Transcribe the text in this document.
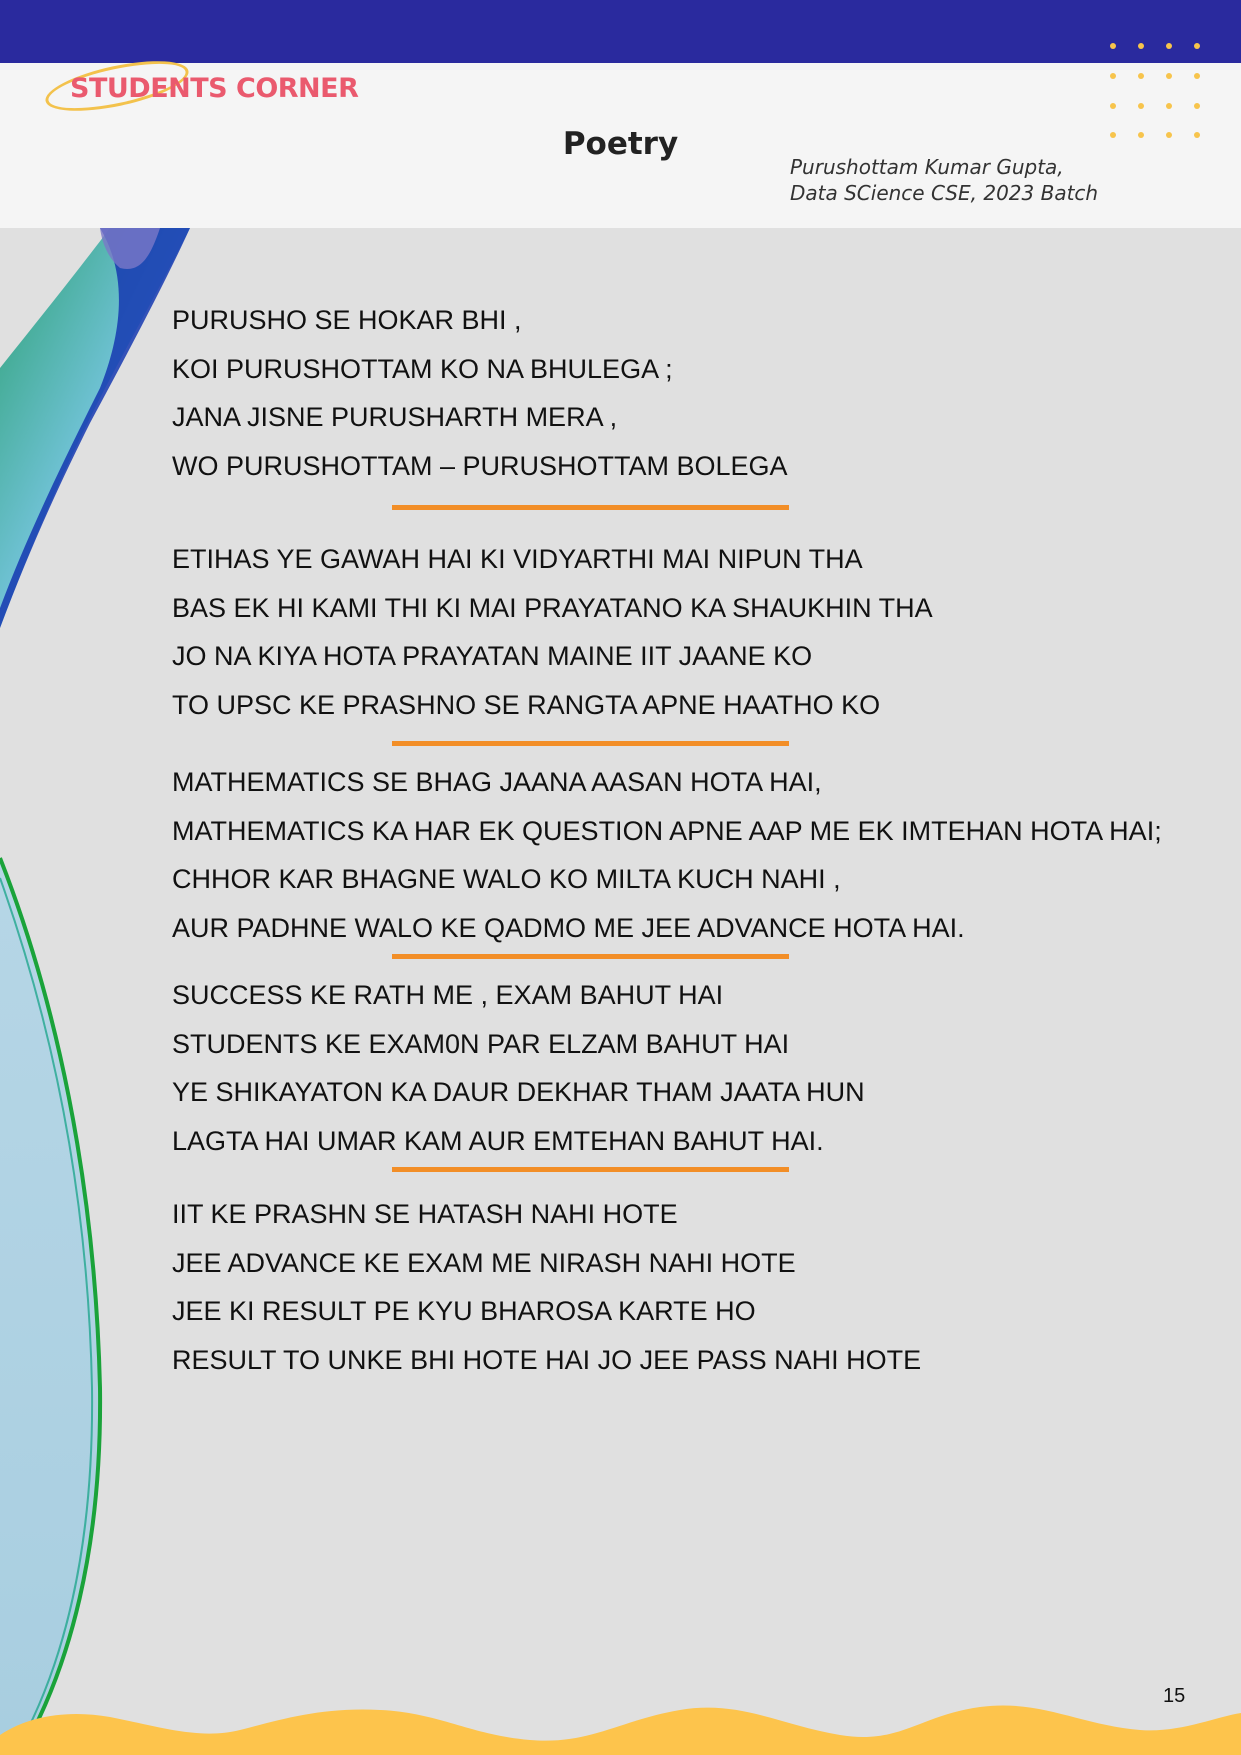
STUDENTS CORNER
Poetry
Purushottam Kumar Gupta,
Data SCience CSE, 2023 Batch
PURUSHO SE HOKAR BHI ,
KOI PURUSHOTTAM KO NA BHULEGA ;
JANA JISNE PURUSHARTH MERA ,
WO PURUSHOTTAM – PURUSHOTTAM BOLEGA
ETIHAS YE GAWAH HAI KI VIDYARTHI MAI NIPUN THA
BAS EK HI KAMI THI KI MAI PRAYATANO KA SHAUKHIN THA
JO NA KIYA HOTA PRAYATAN MAINE IIT JAANE KO
TO UPSC KE PRASHNO SE RANGTA APNE HAATHO KO
MATHEMATICS SE BHAG JAANA AASAN HOTA HAI,
MATHEMATICS KA HAR EK QUESTION APNE AAP ME EK IMTEHAN HOTA HAI;
CHHOR KAR BHAGNE WALO KO MILTA KUCH NAHI ,
AUR PADHNE WALO KE QADMO ME JEE ADVANCE HOTA HAI.
SUCCESS KE RATH ME , EXAM BAHUT HAI
STUDENTS KE EXAM0N PAR ELZAM BAHUT HAI
YE SHIKAYATON KA DAUR DEKHAR THAM JAATA HUN
LAGTA HAI UMAR KAM AUR EMTEHAN BAHUT HAI.
IIT KE PRASHN SE HATASH NAHI HOTE
JEE ADVANCE KE EXAM ME NIRASH NAHI HOTE
JEE KI RESULT PE KYU BHAROSA KARTE HO
RESULT TO UNKE BHI HOTE HAI JO JEE PASS NAHI HOTE
15
